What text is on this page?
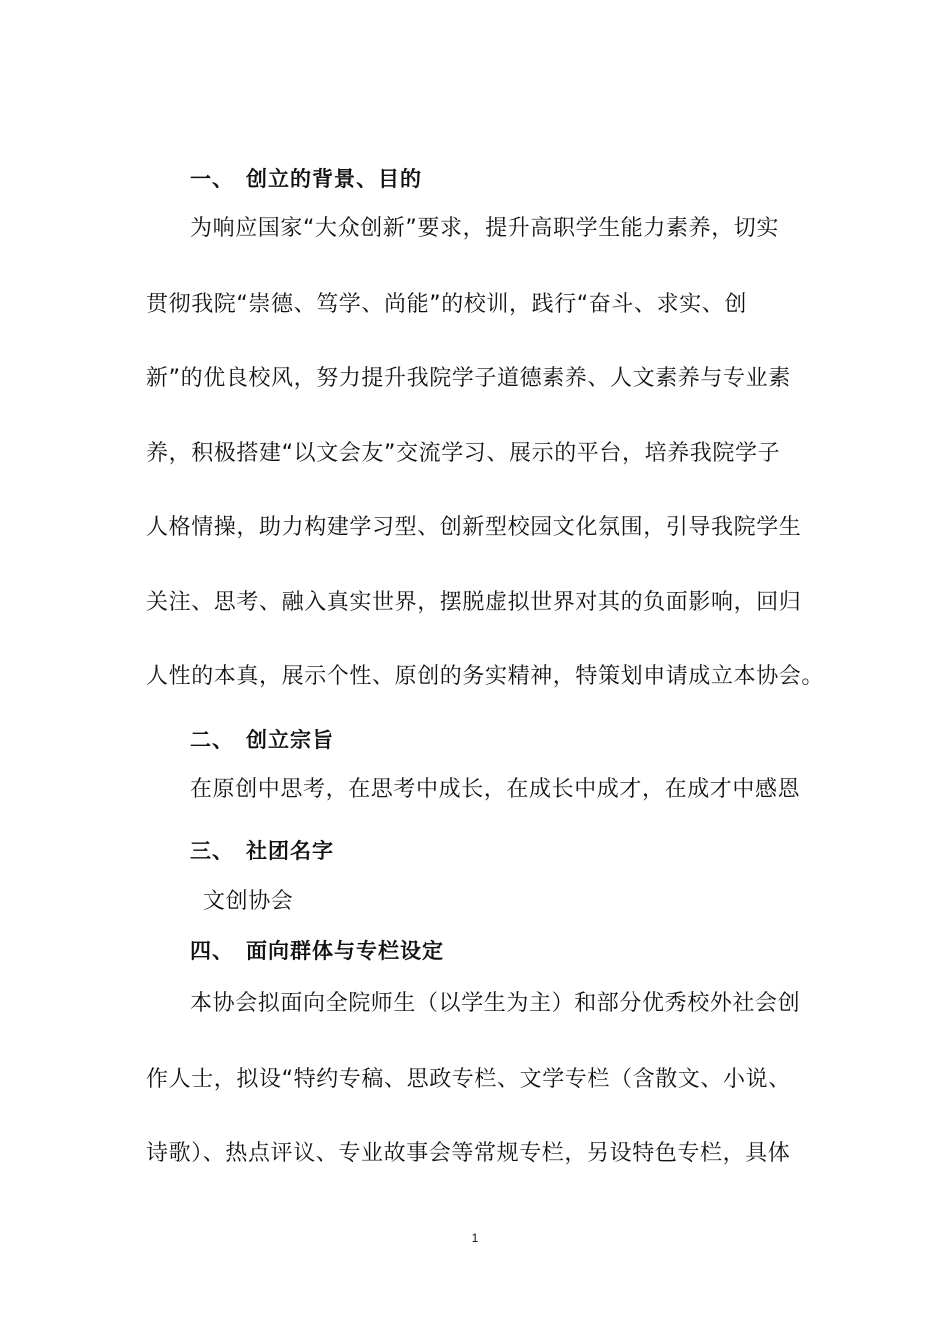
一、 创立的背景、目的
为响应国家“大众创新”要求，提升高职学生能力素养，切实
贯彻我院“崇德、笃学、尚能”的校训，践行“奋斗、求实、创
新”的优良校风，努力提升我院学子道德素养、人文素养与专业素
养，积极搭建“以文会友”交流学习、展示的平台，培养我院学子
人格情操，助力构建学习型、创新型校园文化氛围，引导我院学生
关注、思考、融入真实世界，摆脱虚拟世界对其的负面影响，回归
人性的本真，展示个性、原创的务实精神，特策划申请成立本协会。
二、 创立宗旨
在原创中思考，在思考中成长，在成长中成才，在成才中感恩
三、 社团名字
文创协会
四、 面向群体与专栏设定
本协会拟面向全院师生（以学生为主）和部分优秀校外社会创
作人士，拟设“特约专稿、思政专栏、文学专栏（含散文、小说、
诗歌）、热点评议、专业故事会等常规专栏，另设特色专栏，具体
1
